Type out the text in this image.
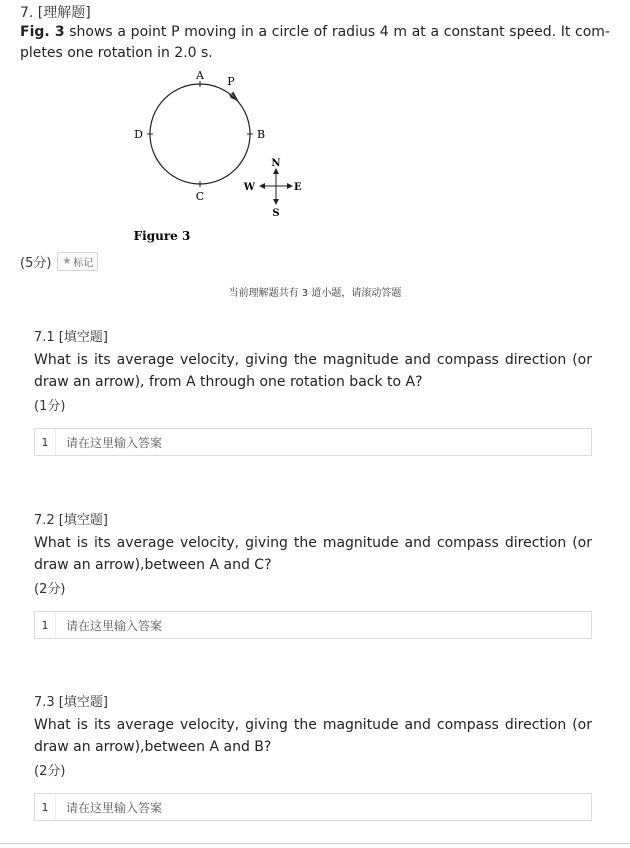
7. [理解题]
Fig. 3 shows a point P moving in a circle of radius 4 m at a constant speed. It com-pletes one rotation in 2.0 s.
A P
B
C
D
N
S
W	E
Figure 3
(5分) ★ 标记
当前理解题共有 3 道小题，请滚动答题
7.1 [填空题]
What is its average velocity, giving the magnitude and compass direction (or draw an arrow), from A through one rotation back to A?
(1分)
1	请在这里输入答案
7.2 [填空题]
What is its average velocity, giving the magnitude and compass direction (or draw an arrow),between A and C?
(2分)
1	请在这里输入答案
7.3 [填空题]
What is its average velocity, giving the magnitude and compass direction (or draw an arrow),between A and B?
(2分)
1	请在这里输入答案
